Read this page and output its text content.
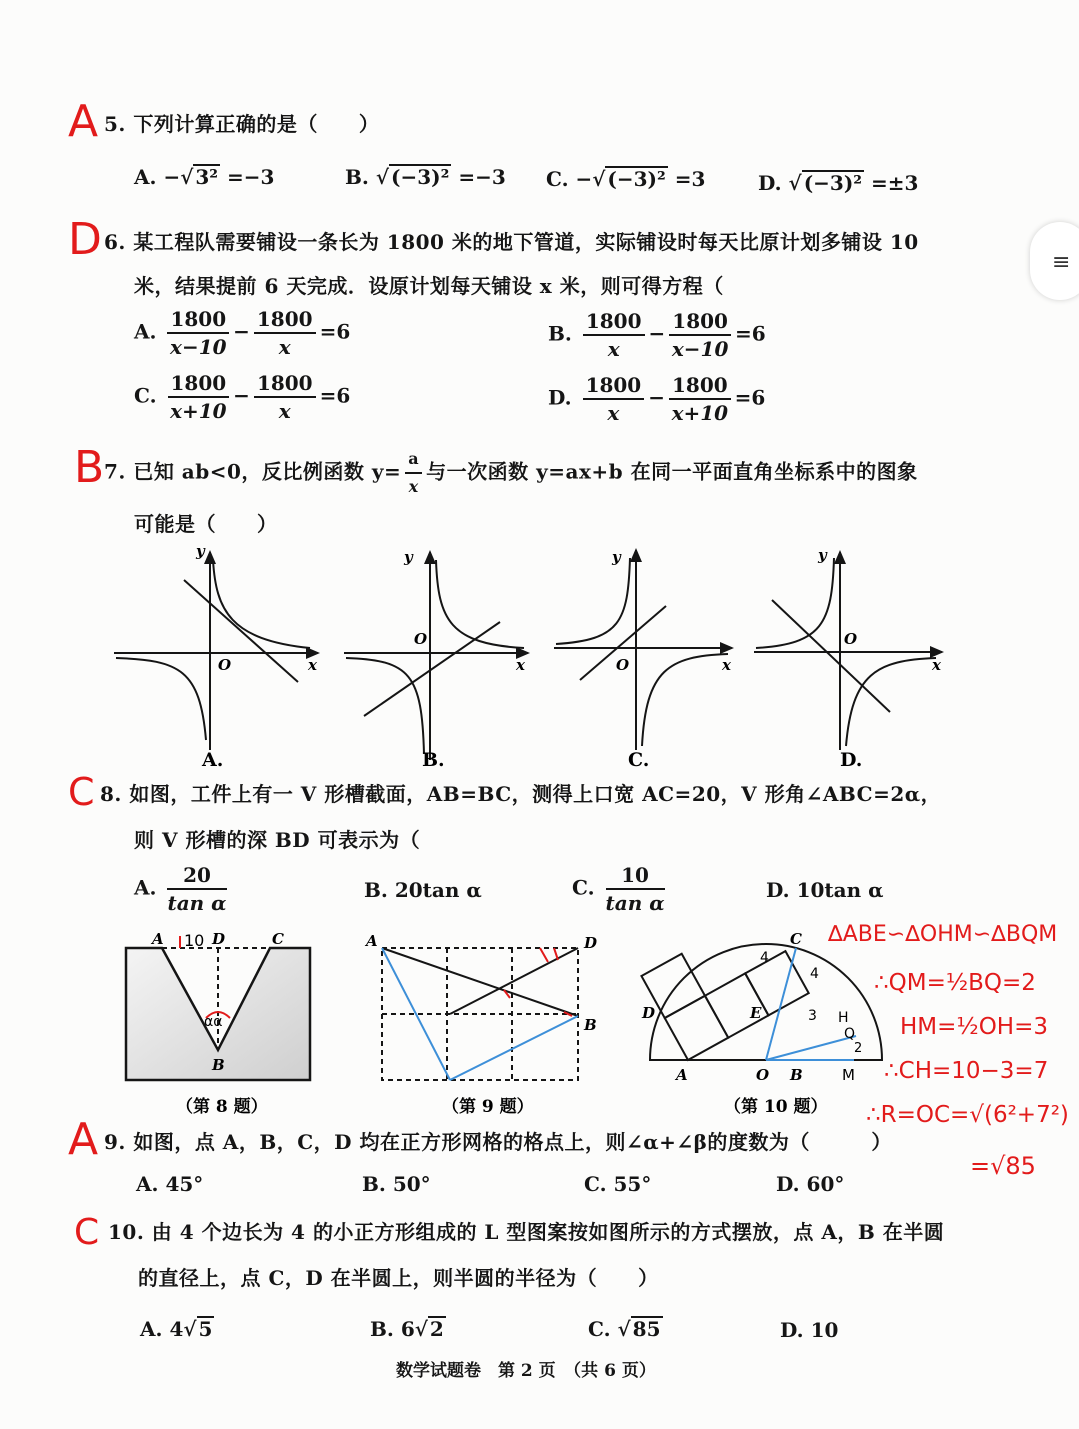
A 5. 下列计算正确的是（　　）
A. −√ 3² =−3	B. √ (−3)² =−3 C. −√ (−3)² =3	D. √ (−3)² =±3
D 6. 某工程队需要铺设一条长为 1800 米的地下管道，实际铺设时每天比原计划多铺设 10
米，结果提前 6 天完成．设原计划每天铺设 x 米，则可得方程（
A. $\frac{1800}{x-10} - \frac{1800}{x} =6$	B. $\frac{1800}{x} - \frac{1800}{x-10} =6$
C. $\frac{1800}{x+10} - \frac{1800}{x} =6$	D. $\frac{1800}{x} - \frac{1800}{x+10} =6$
B 7. 已知 ab<0，反比例函数 $y= \frac{a}{x}$ 与一次函数 y=ax+b 在同一平面直角坐标系中的图象
可能是（　　）
y
x
O
A.
y
x
O
B.
y
x
O
C.
y
x
O
D.
C 8. 如图，工件上有一 V 形槽截面，AB=BC，测得上口宽 AC=20，V 形角∠ABC=2α，
则 V 形槽的深 BD 可表示为（
A. $\frac{20}{\text{tan α}}$	B. 20tan α	C. $\frac{10}{\text{tan α}}$	D. 10tan α
A	D	C
B
10
αα
（第 8 题）
A	D
B
（第 9 题）
C
D	E	H
Q
A	O B	M
4
4
3
2
（第 10 题）
∆ABE∽∆OHM∽∆BQM
∴QM=½BQ=2
HM=½OH=3
∴CH=10−3=7
∴R=OC=√(6²+7²)
=√85
A 9. 如图，点 A，B，C，D 均在正方形网格的格点上，则∠α+∠β的度数为（　　　）
A. 45°	B. 50°	C. 55°	D. 60°
C 10. 由 4 个边长为 4 的小正方形组成的 L 型图案按如图所示的方式摆放，点 A，B 在半圆
的直径上，点 C，D 在半圆上，则半圆的半径为（　　）
A. 4√ 5	B. 6√ 2	C. √ 85	D. 10
数学试题卷　第 2 页　（共 6 页）
≡
